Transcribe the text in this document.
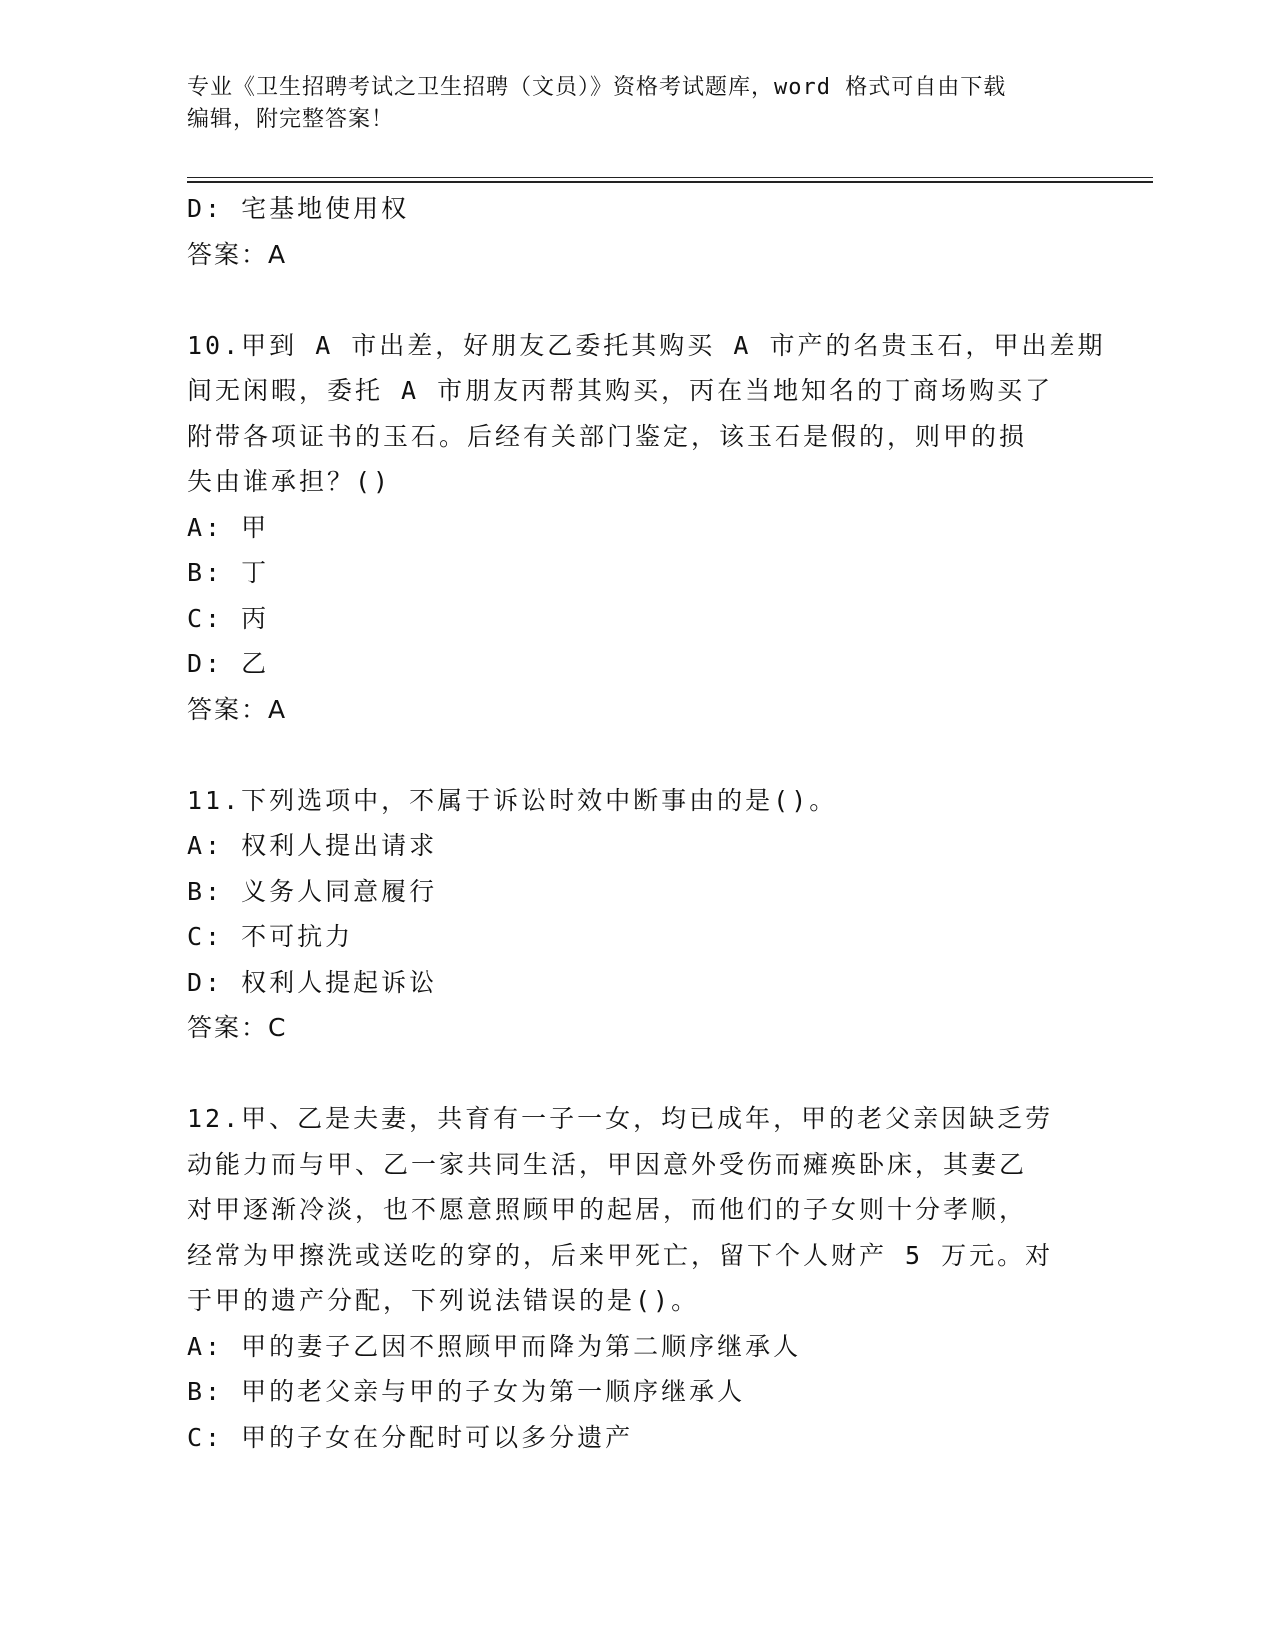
专业《卫生招聘考试之卫生招聘（文员）》资格考试题库，word 格式可自由下载
编辑，附完整答案！
D: 宅基地使用权
答案：A
10.甲到 A 市出差，好朋友乙委托其购买 A 市产的名贵玉石，甲出差期
间无闲暇，委托 A 市朋友丙帮其购买，丙在当地知名的丁商场购买了
附带各项证书的玉石。后经有关部门鉴定，该玉石是假的，则甲的损
失由谁承担？()
A: 甲
B: 丁
C: 丙
D: 乙
答案：A
11.下列选项中，不属于诉讼时效中断事由的是()。
A: 权利人提出请求
B: 义务人同意履行
C: 不可抗力
D: 权利人提起诉讼
答案：C
12.甲、乙是夫妻，共育有一子一女，均已成年，甲的老父亲因缺乏劳
动能力而与甲、乙一家共同生活，甲因意外受伤而瘫痪卧床，其妻乙
对甲逐渐冷淡，也不愿意照顾甲的起居，而他们的子女则十分孝顺，
经常为甲擦洗或送吃的穿的，后来甲死亡，留下个人财产 5 万元。对
于甲的遗产分配，下列说法错误的是()。
A: 甲的妻子乙因不照顾甲而降为第二顺序继承人
B: 甲的老父亲与甲的子女为第一顺序继承人
C: 甲的子女在分配时可以多分遗产
